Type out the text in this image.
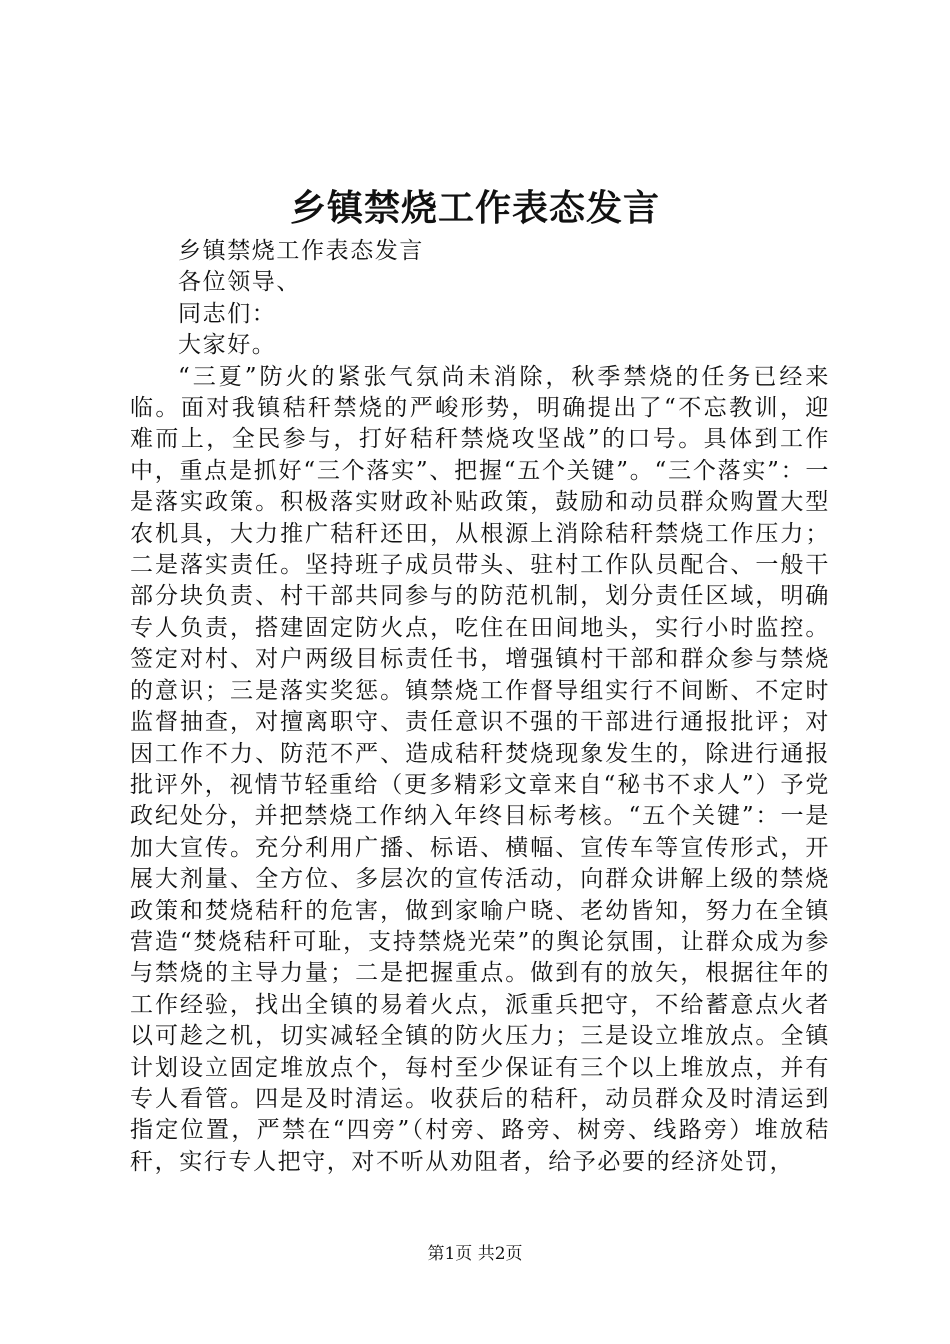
乡镇禁烧工作表态发言

乡镇禁烧工作表态发言

各位领导、

同志们：

大家好。

“三夏”防火的紧张气氛尚未消除，秋季禁烧的任务已经来临。面对我镇秸秆禁烧的严峻形势，明确提出了“不忘教训，迎难而上，全民参与，打好秸秆禁烧攻坚战”的口号。具体到工作中，重点是抓好“三个落实”、把握“五个关键”。“三个落实”：一是落实政策。积极落实财政补贴政策，鼓励和动员群众购置大型农机具，大力推广秸秆还田，从根源上消除秸秆禁烧工作压力；二是落实责任。坚持班子成员带头、驻村工作队员配合、一般干部分块负责、村干部共同参与的防范机制，划分责任区域，明确专人负责，搭建固定防火点，吃住在田间地头，实行小时监控。签定对村、对户两级目标责任书，增强镇村干部和群众参与禁烧的意识；三是落实奖惩。镇禁烧工作督导组实行不间断、不定时监督抽查，对擅离职守、责任意识不强的干部进行通报批评；对因工作不力、防范不严、造成秸秆焚烧现象发生的，除进行通报批评外，视情节轻重给（更多精彩文章来自“秘书不求人”）予党政纪处分，并把禁烧工作纳入年终目标考核。“五个关键”：一是加大宣传。充分利用广播、标语、横幅、宣传车等宣传形式，开展大剂量、全方位、多层次的宣传活动，向群众讲解上级的禁烧政策和焚烧秸秆的危害，做到家喻户晓、老幼皆知，努力在全镇营造“焚烧秸秆可耻，支持禁烧光荣”的舆论氛围，让群众成为参与禁烧的主导力量；二是把握重点。做到有的放矢，根据往年的工作经验，找出全镇的易着火点，派重兵把守，不给蓄意点火者以可趁之机，切实减轻全镇的防火压力；三是设立堆放点。全镇计划设立固定堆放点个，每村至少保证有三个以上堆放点，并有专人看管。四是及时清运。收获后的秸秆，动员群众及时清运到指定位置，严禁在“四旁”（村旁、路旁、树旁、线路旁）堆放秸秆，实行专人把守，对不听从劝阻者，给予必要的经济处罚，

第1页 共2页
